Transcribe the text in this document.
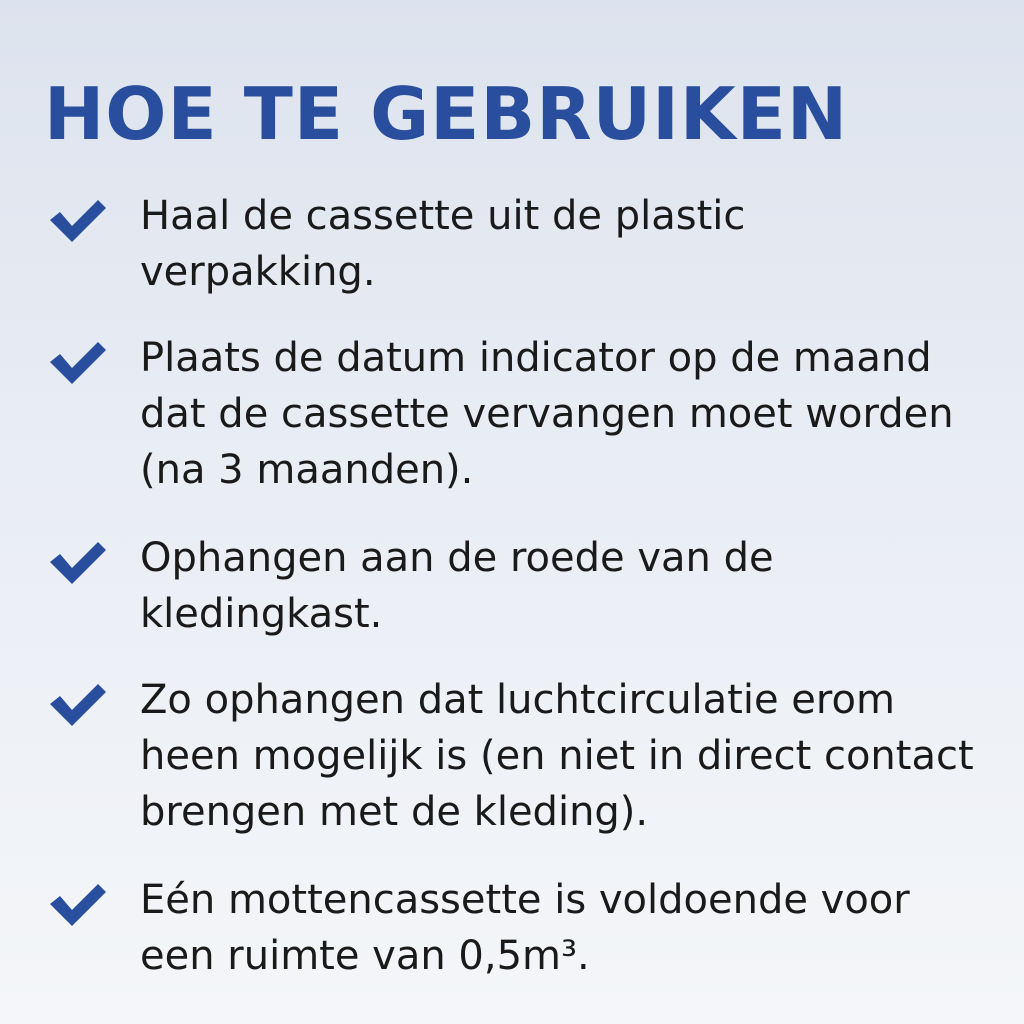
HOE TE GEBRUIKEN

Haal de cassette uit de plastic verpakking.

Plaats de datum indicator op de maand dat de cassette vervangen moet worden (na 3 maanden).

Ophangen aan de roede van de kledingkast.

Zo ophangen dat luchtcirculatie erom heen mogelijk is (en niet in direct contact brengen met de kleding).

Eén mottencassette is voldoende voor een ruimte van 0,5m³.
